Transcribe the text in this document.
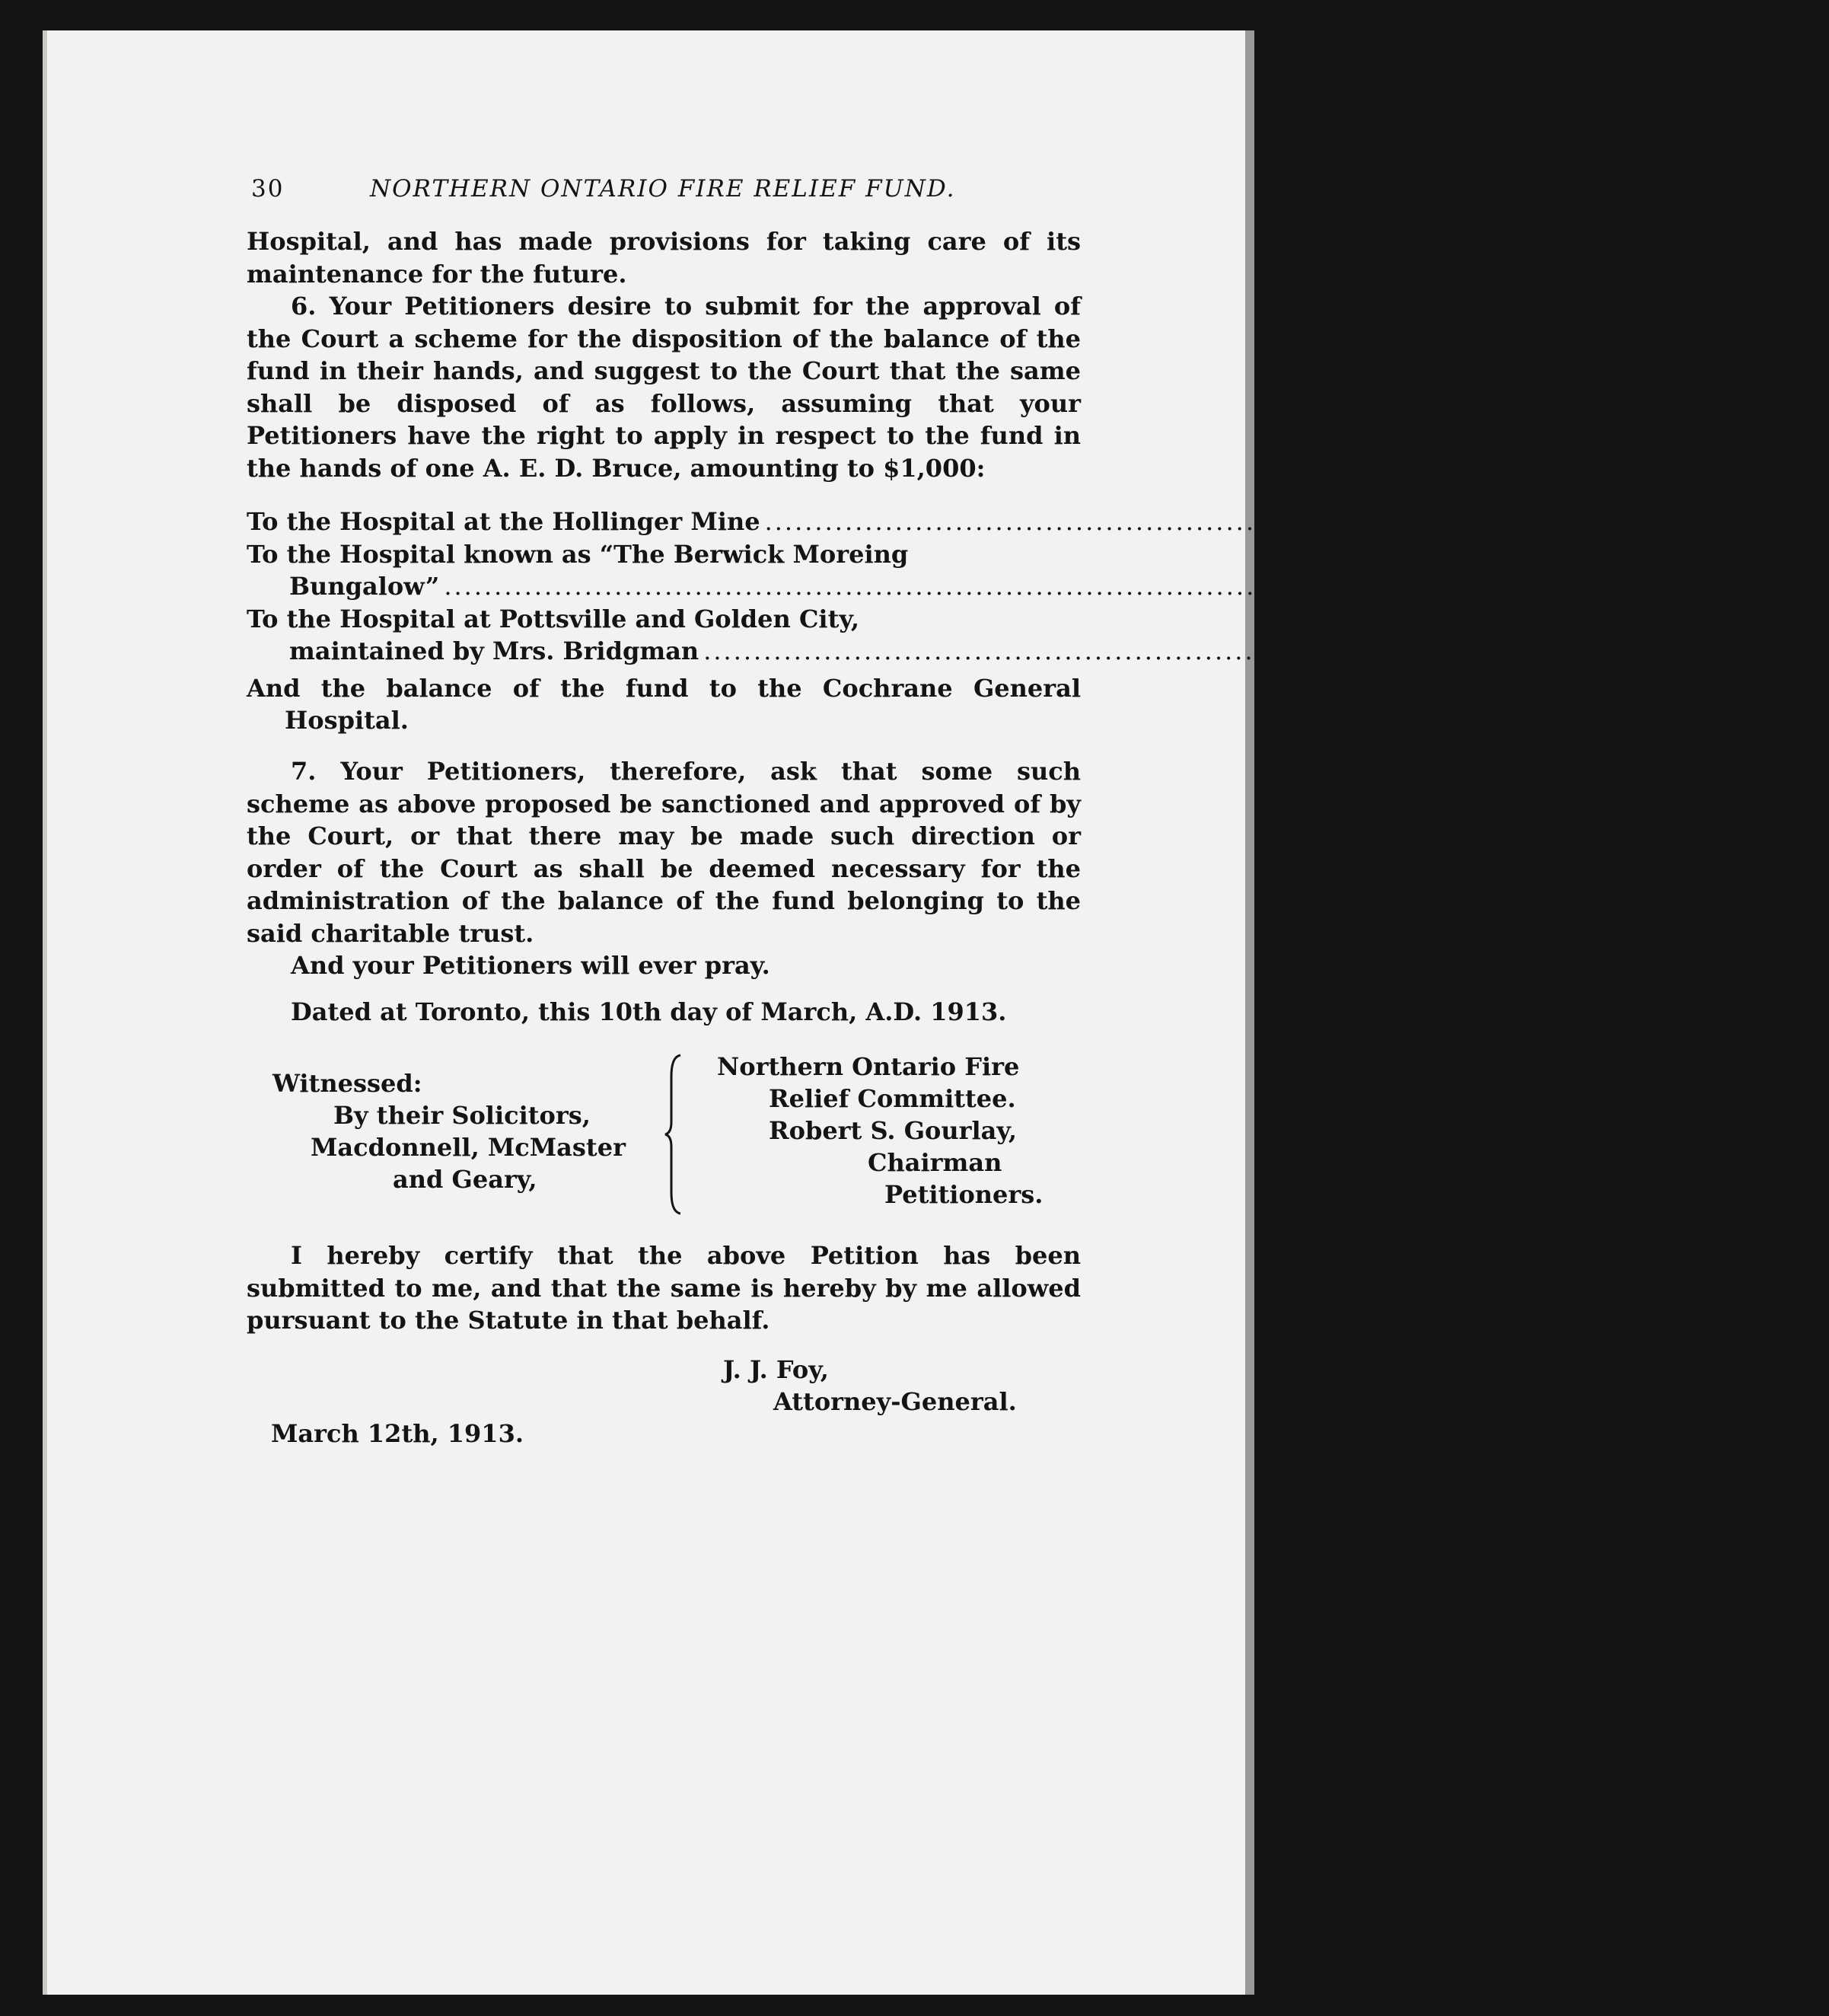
30	NORTHERN ONTARIO FIRE RELIEF FUND.

Hospital, and has made provisions for taking care of its

maintenance for the future.

6. Your Petitioners desire to submit for the approval of the Court a scheme for the disposition of the balance of the fund in their hands, and suggest to the Court that the same shall be disposed of as follows, assuming that your Petitioners have the right to apply in respect to the fund in the hands of one A. E. D. Bruce, amounting to $1,000:

To the Hospital at the Hollinger Mine ........................................................................ $1,000.00
To the Hospital known as “The Berwick Moreing
Bungalow” .................................................................................................... 1,500.00
To the Hospital at Pottsville and Golden City,
maintained by Mrs. Bridgman .................................................................................................... 2,500.00

And the balance of the fund to the Cochrane General

Hospital.

7. Your Petitioners, therefore, ask that some such scheme as above proposed be sanctioned and approved of by the Court, or that there may be made such direction or order of the Court as shall be deemed necessary for the administration of the balance of the fund belonging to the said charitable trust.

And your Petitioners will ever pray.

Dated at Toronto, this 10th day of March, A.D. 1913.

Witnessed:
By their Solicitors,
Macdonnell, McMaster
and Geary,
Northern Ontario Fire
Relief Committee.
Robert S. Gourlay,
Chairman
Petitioners.

I hereby certify that the above Petition has been submitted to me, and that the same is hereby by me allowed pursuant to the Statute in that behalf.

J. J. Foy,
Attorney-General.
March 12th, 1913.
